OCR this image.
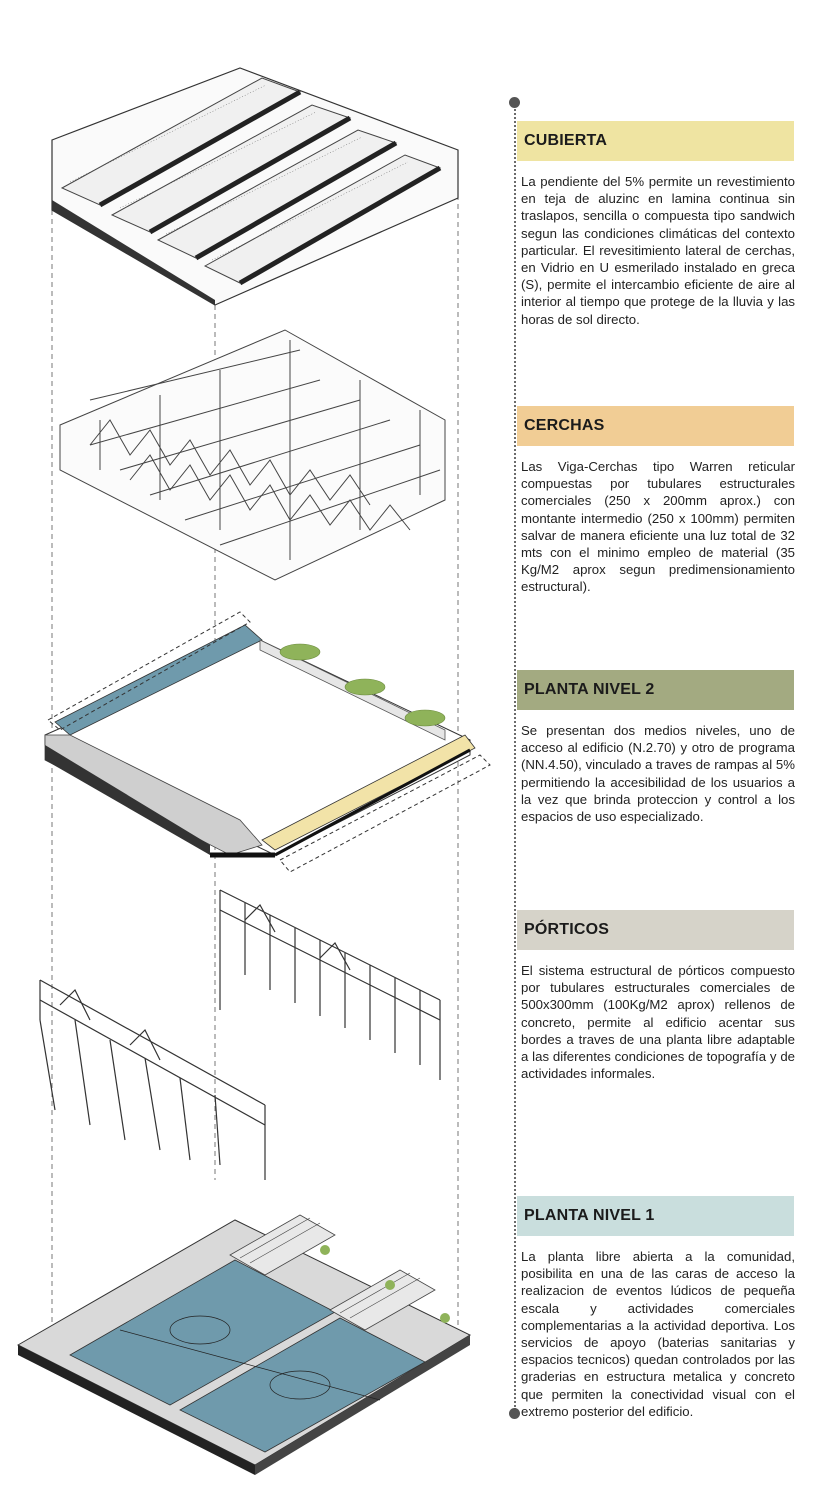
CUBIERTA
La pendiente del 5% permite un revestimiento en teja de aluzinc en lamina continua sin traslapos, sencilla o compuesta tipo sandwich segun las condiciones climáticas del contexto particular. El revesitimiento lateral de cerchas, en Vidrio en U esmerilado instalado en greca (S), permite el intercambio eficiente de aire al interior al tiempo que protege de la lluvia y las horas de sol directo.
CERCHAS
Las Viga-Cerchas tipo Warren reticular compuestas por tubulares estructurales comerciales (250 x 200mm aprox.) con montante intermedio (250 x 100mm) permiten salvar de manera eficiente una luz total de 32 mts con el minimo empleo de material (35 Kg/M2 aprox segun predimensionamiento estructural).
PLANTA NIVEL 2
Se presentan dos medios niveles, uno de acceso al edificio (N.2.70) y otro de programa (NN.4.50), vinculado a traves de rampas al 5% permitiendo la accesibilidad de los usuarios a la vez que brinda proteccion y control a los espacios de uso especializado.
PÓRTICOS
El sistema estructural de pórticos compuesto por tubulares estructurales comerciales de 500x300mm (100Kg/M2 aprox) rellenos de concreto, permite al edificio acentar sus bordes a traves de una planta libre adaptable a las diferentes condiciones de topografía y de actividades informales.
PLANTA NIVEL 1
La planta libre abierta a la comunidad, posibilita en una de las caras de acceso la realizacion de eventos lúdicos de pequeña escala y actividades comerciales complementarias a la actividad deportiva. Los servicios de apoyo (baterias sanitarias y espacios tecnicos) quedan controlados por las graderias en estructura metalica y concreto que permiten la conectividad visual con el extremo posterior del edificio.
